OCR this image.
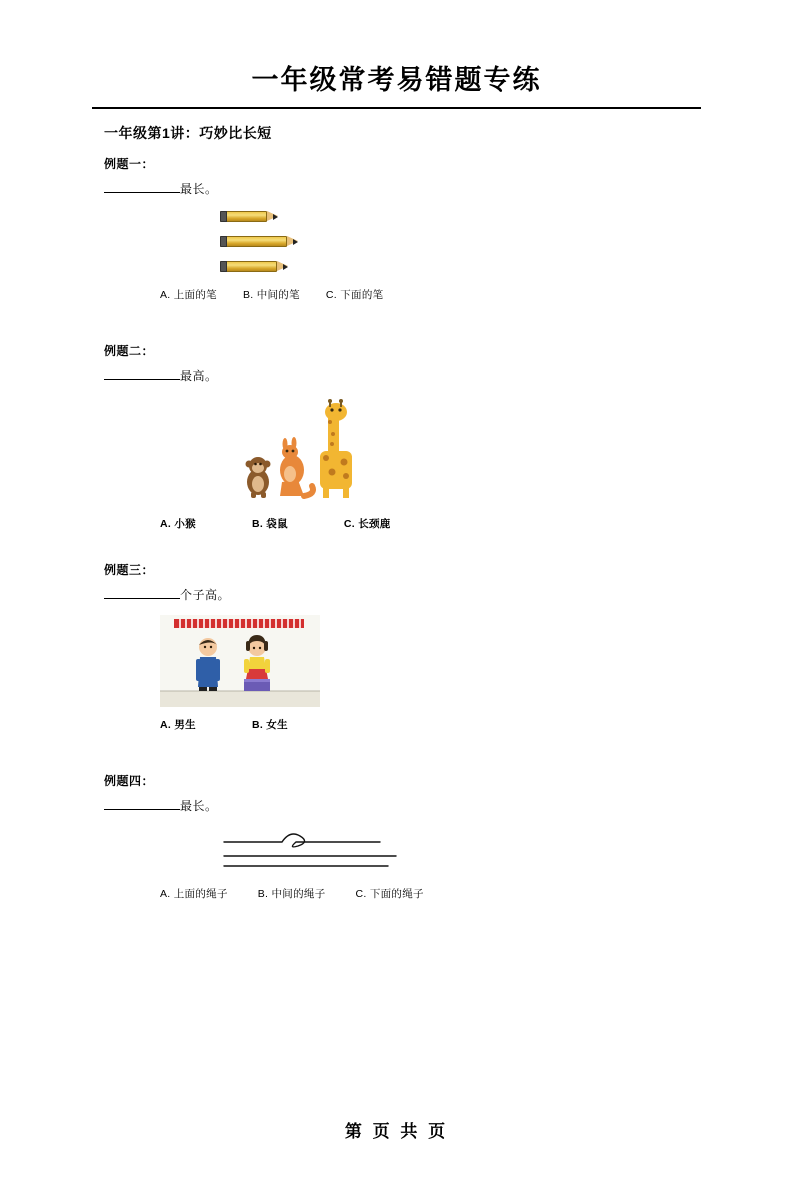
一年级常考易错题专练
一年级第1讲：巧妙比长短
例题一：
最长。
A. 上面的笔 B. 中间的笔 C. 下面的笔
例题二：
最高。
A. 小猴	B. 袋鼠	C. 长颈鹿
例题三：
个子高。
A. 男生	B. 女生
例题四：
最长。
A. 上面的绳子	B. 中间的绳子	C. 下面的绳子
第 页 共 页
